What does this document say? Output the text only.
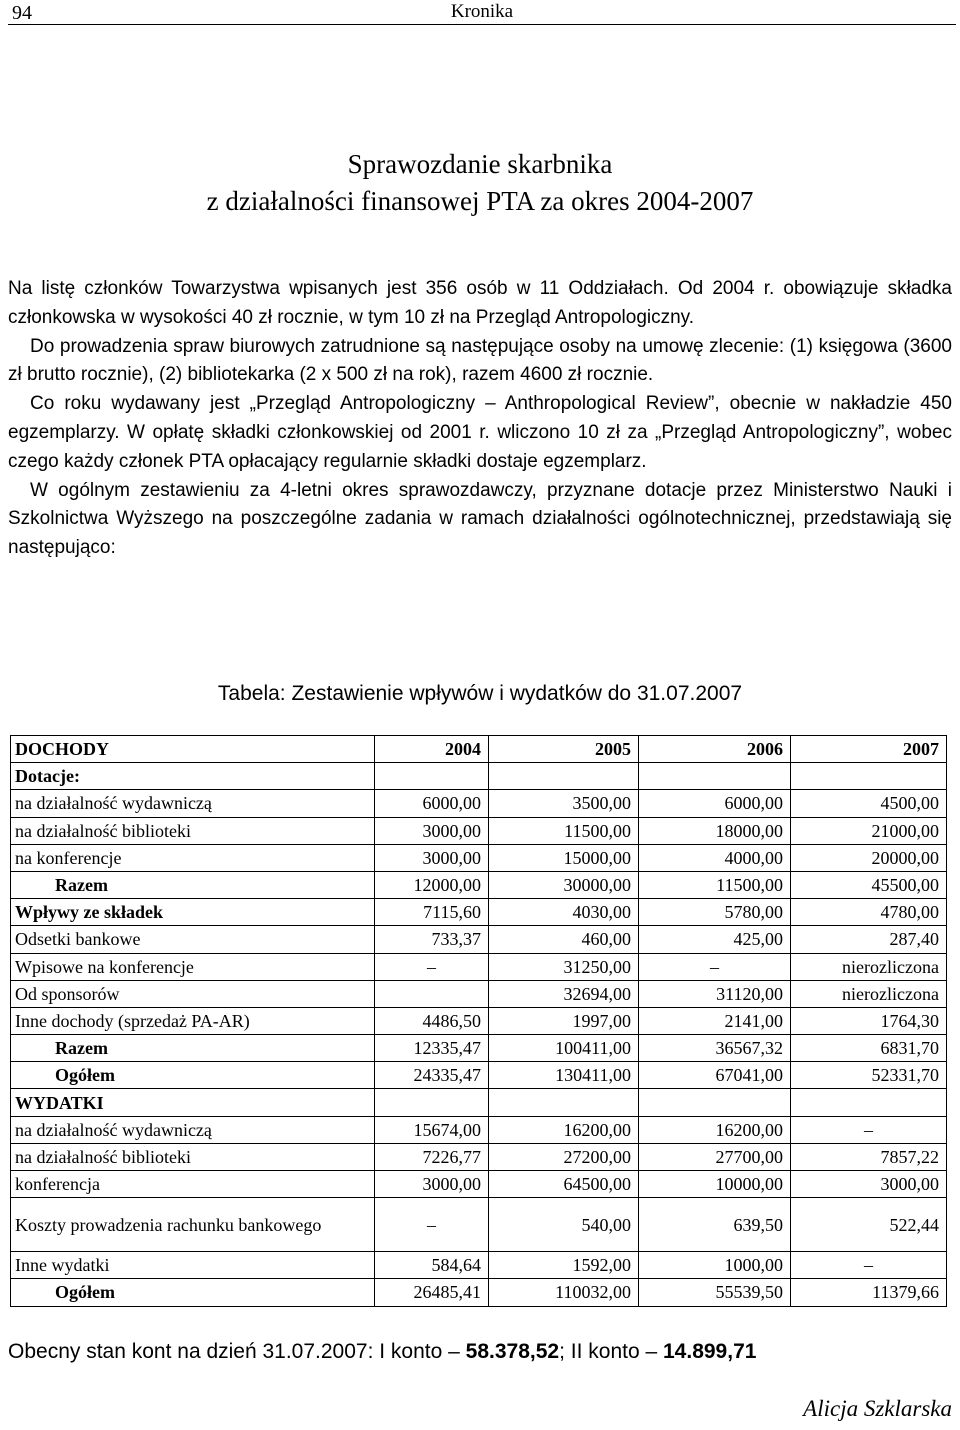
94	Kronika
Sprawozdanie skarbnika
z działalności finansowej PTA za okres 2004-2007

Na listę członków Towarzystwa wpisanych jest 356 osób w 11 Oddziałach. Od 2004 r. obowiązuje składka członkowska w wysokości 40 zł rocznie, w tym 10 zł na Przegląd Antropologiczny.

Do prowadzenia spraw biurowych zatrudnione są następujące osoby na umowę zlecenie: (1) księgowa (3600 zł brutto rocznie), (2) bibliotekarka (2 x 500 zł na rok), razem 4600 zł rocznie.

Co roku wydawany jest „Przegląd Antropologiczny – Anthropological Review”, obecnie w nakładzie 450 egzemplarzy. W opłatę składki członkowskiej od 2001 r. wliczono 10 zł za „Przegląd Antropologiczny”, wobec czego każdy członek PTA opłacający regularnie składki dostaje egzemplarz.

W ogólnym zestawieniu za 4-letni okres sprawozdawczy, przyznane dotacje przez Ministerstwo Nauki i Szkolnictwa Wyższego na poszczególne zadania w ramach działalności ogólnotechnicznej, przedstawiają się następująco:

Tabela: Zestawienie wpływów i wydatków do 31.07.2007
DOCHODY	2004	2005	2006	2007
Dotacje:				
na działalność wydawniczą	6000,00	3500,00	6000,00	4500,00
na działalność biblioteki	3000,00	11500,00	18000,00	21000,00
na konferencje	3000,00	15000,00	4000,00	20000,00
Razem	12000,00	30000,00	11500,00	45500,00
Wpływy ze składek	7115,60	4030,00	5780,00	4780,00
Odsetki bankowe	733,37	460,00	425,00	287,40
Wpisowe na konferencje	–	31250,00	–	nierozliczona
Od sponsorów		32694,00	31120,00	nierozliczona
Inne dochody (sprzedaż PA-AR)	4486,50	1997,00	2141,00	1764,30
Razem	12335,47	100411,00	36567,32	6831,70
Ogółem	24335,47	130411,00	67041,00	52331,70
WYDATKI				
na działalność wydawniczą	15674,00	16200,00	16200,00	–
na działalność biblioteki	7226,77	27200,00	27700,00	7857,22
konferencja	3000,00	64500,00	10000,00	3000,00
Koszty prowadzenia rachunku bankowego	–	540,00	639,50	522,44
Inne wydatki	584,64	1592,00	1000,00	–
Ogółem	26485,41	110032,00	55539,50	11379,66
Obecny stan kont na dzień 31.07.2007: I konto – 58.378,52; II konto – 14.899,71
Alicja Szklarska
